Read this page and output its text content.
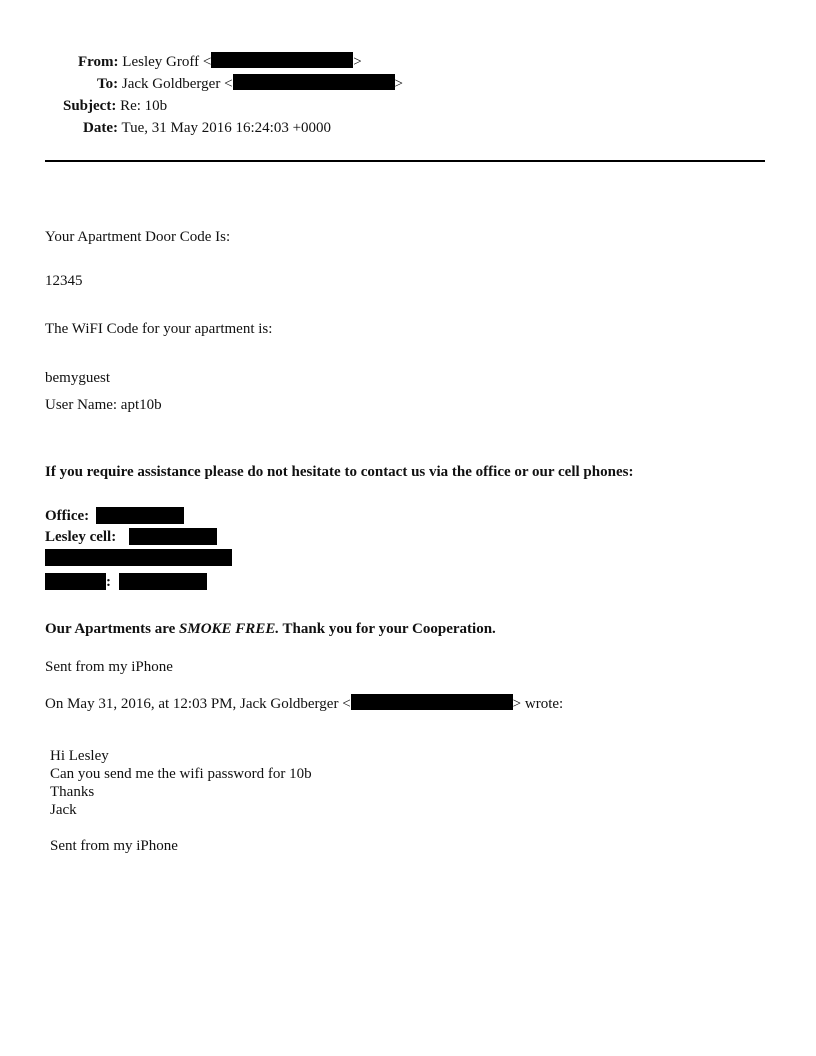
From: Lesley Groff <	>
To: Jack Goldberger <	>
Subject: Re: 10b
Date: Tue, 31 May 2016 16:24:03 +0000
Your Apartment Door Code Is:
12345
The WiFI Code for your apartment is:
bemyguest
User Name: apt10b
If you require assistance please do not hesitate to contact us via the office or our cell phones:
Office:
Lesley cell:
:
Our Apartments are SMOKE FREE. Thank you for your Cooperation.
Sent from my iPhone
On May 31, 2016, at 12:03 PM, Jack Goldberger <	> wrote:
Hi Lesley
Can you send me the wifi password for 10b
Thanks
Jack
Sent from my iPhone
